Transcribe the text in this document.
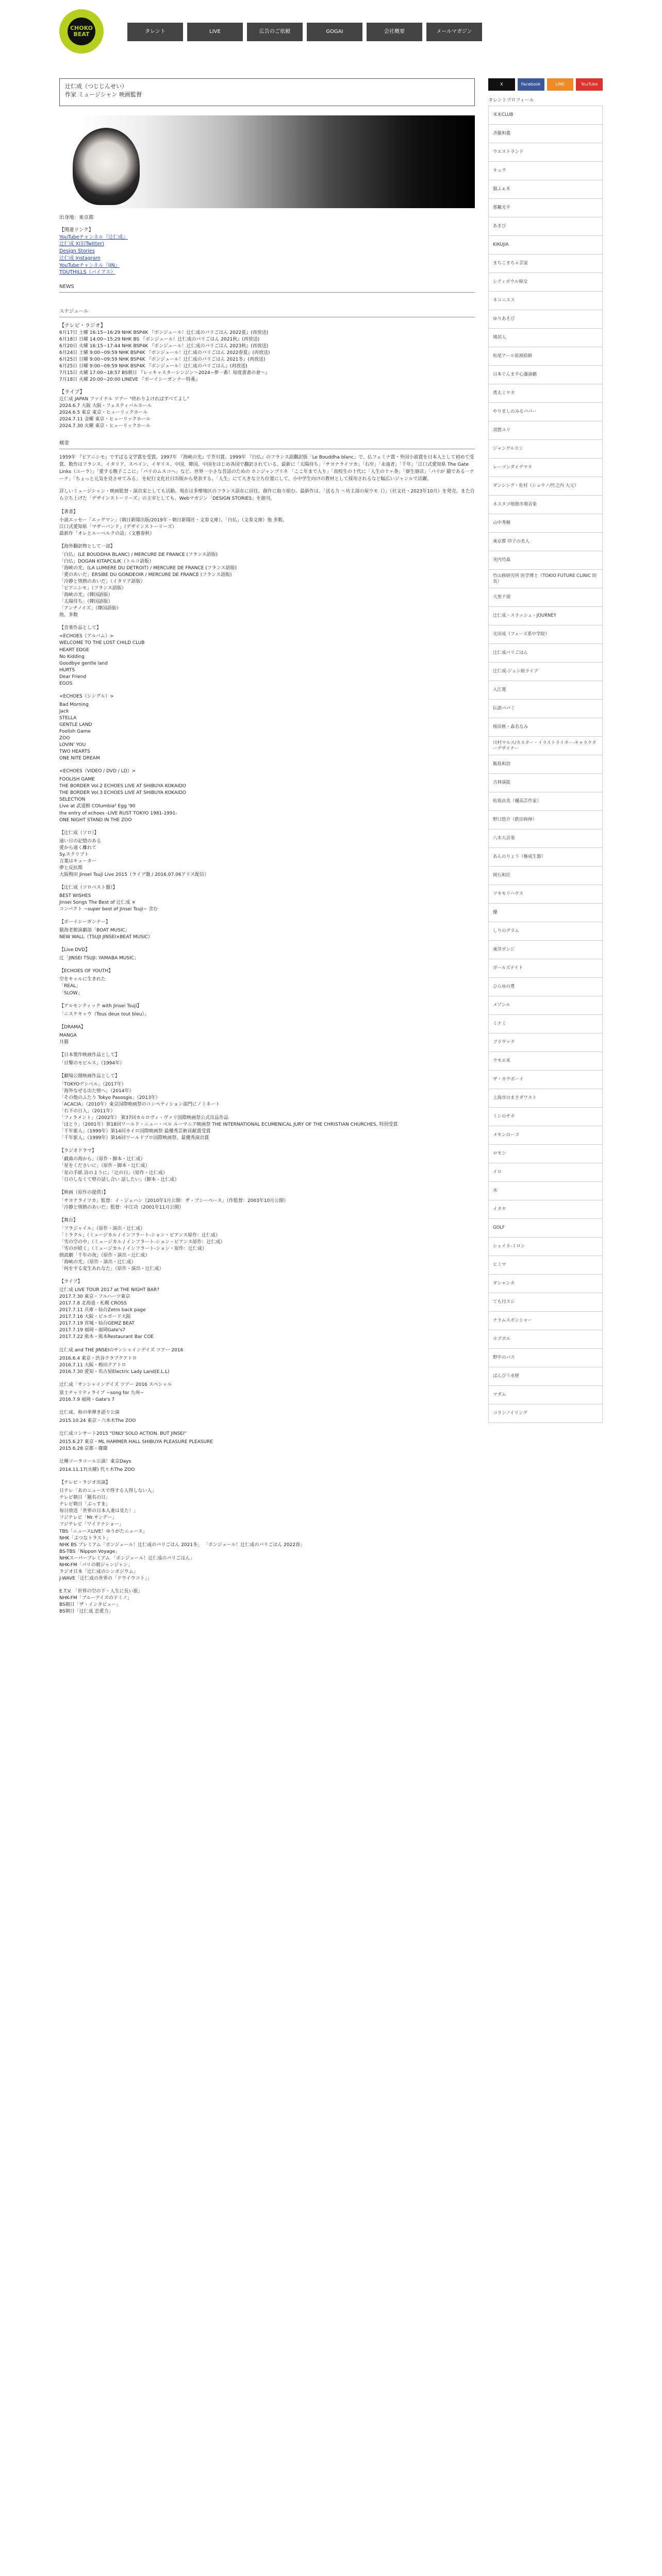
CHOKO BEAT	タレント	LIVE	広告のご依頼	GOGAI	会社概要	メールマガジン
辻仁成（つじじんせい）
作家 ミュージシャン 映画監督
出身地：東京都
【関連リンク】
YouTubeチャンネル『辻仁成』
辻仁成 X(旧Twitter)
Design Stories
辻仁成 Instagram
YouTubeチャンネル『JIN』
TOUTHILLS（バイアス）
NEWS
スケジュール
【テレビ・ラジオ】
6月17日 土曜 16:15~16:29 NHK BSP4K 『ボンジュール！辻仁成のパリごはん 2022夏』(再放送)
6月18日 日曜 14:00~15:29 NHK BS 『ボンジュール！辻仁成のパリごはん 2021秋』(再放送)
6月20日 火曜 16:15~17:44 NHK BSP4K 『ボンジュール！辻仁成のパリごはん 2023秋』(再放送)
6月24日 土曜 9:00~09:59 NHK BSP4K 『ボンジュール！辻仁成のパリごはん 2022春夏』(再放送)
6月25日 日曜 9:00~09:59 NHK BSP4K 『ボンジュール！辻仁成のパリごはん 2021冬』(再放送)
6月25日 日曜 9:00~09:59 NHK BSP4K 『ボンジュール！辻仁成のパリごはん』(再放送)
7月15日 火曜 17:00~18:57 BS朝日 『レッキャスターシンジン～2024~夢一番！毎度書書の會～』
7月18日 火曜 20:00~20:00 LINEVE 『ボーイシーガンナー特番』
【ライブ】
辻仁成 JAPAN ファイナル ツアー "終わりよければすべてよし"
2024.6.7 大阪 大阪・フェスティバルホール
2024.6.5 東京 東京・ヒューリックホール
2024.7.11 金曜 東京・ヒューリックホール
2024.7.30 火曜 東京・ヒューリックホール
概要

1959年 『ピアニシモ』ですばる文学賞を受賞。1997年 『海峡の光』で芥川賞、1999年 『白仏』のフランス語翻訳版「Le Bouddha blanc」で、仏フェミナ賞・外国小説賞を日本人として初めて受賞。数作はフランス、イタリア、スペイン、イギリス、中国、韓国、中国をはじめ各国で翻訳されている。最新に「太陽待ち」「サヨナライツカ」「右岸」「永遠者」「千年」「江口式愛知県 The Gate Links（ユーラ）」「愛する腹子ここに」「パリのムスコへ」など。世界一小さな昔話のための ホンジャンプリネ 「ここ年まで入り」「高校生の十代に「人生の十ヶ条」「寮生寮店」「パリが 猫である一ナーナ」「ちょっと元気を見させてみる」 を紀行文化社日出版から発表する、「人生」にて大きな立ち位置にして、小中学生向けの教材として採用されるなど幅広いジャンルで活躍。

詳しいミュージシャン・映画監督・演出家としても活動。現在は多摩地区のフランス語在に居住、創作に取り組む。最新作は、「送る力 ～坊主部の屋ウモ（）」（社文社・2023年10月）を発売。また自ら立ち上げた「デザインストーリーズ」の主宰としても、Webマガジン「DESIGN STORIES」を創刊。

【著書】
小説エッセー「エッグマン」（朝日新聞出版/2019年・朝日新聞社・文春文庫）、「白仏」（文春文庫）他 多数。
江口式愛知県「マザーバンド」（デザインストーリーズ）
最新作「オレとルーベルクの話」（文藝春秋）
【海外翻訳物として一部】
「白仏」(LE BOUDDHA BLANC) / MERCURE DE FRANCE (フランス語版)
「白仏」DOGAN KITAPCILIK（トルコ語版）
「海峡の光」(LA LUMIERE DU DETROIT) / MERCURE DE FRANCE (フランス語版)
「愛のあいだ」ERSIBE DU GONDEOIR / MERCURE DE FRANCE (フランス語版)
「冷静と情熱のあいだ」（イタリア語版）
「ピアニシモ」（フランス語版）
「海峡の光」（韓国語版）
「太陽待ち」（韓国語版）
「アンチノイズ」（韓国語版）
他、多数
【音楽作品として】
<ECHOES（アルバム）>
WELCOME TO THE LOST CHILD CLUB
HEART EDGE
No Kidding
Goodbye gentle land
HURTS
Dear Friend
EGOS
<ECHOES（シングル）>
Bad Morning
Jack
STELLA
GENTLE LAND
Foolish Game
ZOO
LOVIN' YOU
TWO HEARTS
ONE NITE DREAM
<ECHOES（VIDEO / DVD / LD）>
FOOLISH GAME
THE BORDER Vol.2 ECHOES LIVE AT SHIBUYA KOKAIDO
THE BORDER Vol.3 ECHOES LIVE AT SHIBUYA KOKAIDO
SELECTION
Live at 武道館 COlumbia² Egg '90
the entry of echoes -LIVE RUST TOKYO 1981-1991-
ONE NIGHT STAND IN THE ZOO
【辻仁成（ソロ）】
遠い日の記憶のある
愛から遠く離れて
Sy.スクリプト
言葉はキューター
夢と反抗期
大阪梅田 JinseI Tsuji Live 2015（ライブ盤 / 2016.07.06アリス配信）
【辻仁成（ソロベスト盤）】
BEST WISHES
Jinsei Songs The Best of 辻仁成 ×
コンパクト ~super best of Jinsei Tsuji~ 含む
【ボーイシーガンナー】
猫海老館演劇部「BOAT MUSIC」
NEW WALL（TSUJI JINSEI×BEAT MUSIC）
【Live DVD】
辻「JINSEI TSUJI: YAMABA MUSIC」
【ECHOES OF YOUTH】
空をキャルに生きれた
「REAL」
「SLOW」
【アルモンティック with Jinsei Tsuji】
「ニスケキャウ（Tous deux tout bleu）」
【DRAMA】
MANGA
月猫
【日本製作映画作品として】
「目撃のモビルス」（1994年）
【劇場公開映画作品として】
「TOKYOデシベル」（2017年）
「海外なぜる出た壁へ」（2014年）
「その他のふたり Tokyo Pasosgis」（2013年）
「ACACIA」（2010年）東京国際映画祭のコンペティション部門にノミネート
「右下の日入」（2011年）
「フィラメント」（2002年） 第37回カルロヴィ・ヴァリ国際映画祭公式出品作品
「ほとり」（2001年）第18回ワールド・ニュー・ベル ルーマニア映画祭 THE INTERNATIONAL ECUMENICAL JURY OF THE CHRISTIAN CHURCHES, 特別受賞
「千年旅人」（1999年）第14回カイロ国際映画祭 最優秀芸術貢献賞受賞
「千年旅人」（1999年）第16回ワールドプロ国際映画祭、最優秀演出賞
【ラジオドラマ】
「戯曲の海から」（原作・脚本・辻仁成）
「星をくださいに」（原作・脚本・辻仁成）
「星の手紙 詩のように」「辻の日」（原作・辻仁成）
「日のしなくて壁の話し合い 話したい」（脚本・辻仁成）
【映画（原作の提供）】
「サヨナライツカ」監督：イ・ジェハン（2010年1月公開：ザ・ブシーペース」（作監督：2003年10月公開）
「冷静と情熱のあいだ」監督：中江功（2001年11月公開）
【舞台】
「フラジャイル」（原作・演出・辻仁成）
「ミラクル」（ミュージカル / インフラート-ション・ビアンス原作：辻仁成）
「雪の空の中」（ミュージカル / インフラート-ション・ビアンス原作：辻仁成）
「雪のが続く」（ミュージカル / インフラート-ション・原作：辻仁成）
朗読劇「千年の夜」（原作・演出・辻仁成）
「海峡の光」（原作・演出・辻仁成）
「何をする変生あれなた」（原作・演出・辻仁成）
【ライブ】
辻仁成 LIVE TOUR 2017 at THE NIGHT BAR?
2017.7.30 東京・フルハーツ東京
2017.7.8 北海道・札幌 CROSS
2017.7.11 兵庫・仙台Zetro back page
2017.7.16 大阪・ビルボード大阪
2017.7.19 宮城・仙台GEMZ BEAT
2017.7.19 福岡・福岡Gate's7
2017.7.22 熊本・熊本Restaurant Bar COE
辻仁成 and THE JINSEIのサンシャインデイズ ツアー 2016
2016.6.4 東京・渋谷クラブクアトロ
2016.7.11 大阪・梅田クアトロ
2016.7.30 愛知・名古屋Electric Lady Land(E.L.L)
辻仁成「サンシャインデイズ ツアー 2016 スペシャル
富士チャリティライブ ~song for 九州~
2016.7.9 福岡・Gate's 7
辻仁成、和の単弾き語り公演
2015.10.24 東京・六本木The ZOO
辻仁成コンサート2015 "ONLY SOLO ACTION. BUT JINSEI"
2015.6.27 東京・ML HAMMER HALL SHIBUYA PLEASURE PLEASURE
2015.6.28 京都・磔磔
辻種ソーラコール公演！東京Days
2014.11.17(火曜) 代々木The ZOO
【テレビ・ラジオ出演】
日テレ「あのニュースで得する人得しない人」
テレビ朝日「題名の日」
テレビ朝日「ぶっすま」
毎日放送「世界の日本人妻は見た！」
フジテレビ「Mr.サンデー」
フジテレビ「ワイドナショー」
TBS「ニュースLIVE！ゆうがたニュース」
NHK「ぶつなトラスト」
NHK BS プレミアム「ボンジュール！辻仁成のパリごはん 2021冬」 「ボンジュール！辻仁成のパリごはん 2022春」
BS-TBS「Nippon Voyage」
NHKスーパープレミアム 「ボンジュール！辻仁成のパリごはん」
NHK-FM「パリの朝ジャンジャン」
ラジオ日本「辻仁成のシンポジウム」
J-WAVE「辻仁成の世界の「ドウイウコト」」
E.T.V. 「世界の空の下・人生に長い旅」
NHK-FM「ブルーアイズのドミノ」
BS朝日「ザ・インタビュー」
BS朝日「辻仁成 恋愛力」
X	Facebook	LINE	YouTube
タレントプロフィール
米米CLUB
斉藤和義
ウエストランド
キュウ
猫ふぁ木
那覇光平
あまび
KIKUJIA
まちこまちゃ芸家
シティボウル帰交
ネコニスス
ゆりあそび
鳩居人
松尾アール原画絵師
日本ぐんま平心藩演劇
勇太ミヤタ
やりましのみるパパー
須賀ユリ
ジャングルスン
レーゴンダイデマラ
ダンシング・佐村（ショウノ/竹之内 大元）
ネスタゴ地塾市場音楽
山中秀樹
東京都 印子の美人
実内竹森
竹山修研究所 医学博士（TOKIO FUTURE CLINIC 院長）
大里テ部
辻仁成・スラッシュ・JOURNEY
光田成（フェーズ系中学院）
辻仁成パリごはん
辻仁成-ジュン紙ライブ
入江寛
伝語パパミ
桜田桃・森名なみ
川村マルス/カスター・イラストライター-キャラクターデザイナー
飯島和詩
吉林演能
松坂由美（樋高芸作家）
野口悠介（鉄田和伸）
八木大音楽
あんのりょう（権成生器）
岡石和臣
ツキモリハウス
優
しりのグラム
東洋ボンジ
ガールズナイト
ひらゆの豊
メゾンル
ミナミ
ブラヴァク
ウモエ米
ザ・カウボーイ
上海市のまさダワスト
ミンのサカ
メモンのーゴ
ロモン
イロ
水
イタヤ
GOLF
シェイラ-ミロン
ヒミマ
ギンャンカ
ても付スシ
ナラムスボンシャー
ホブボル
野中のバス
ばんびう水壁
マダム
コランノイリング
